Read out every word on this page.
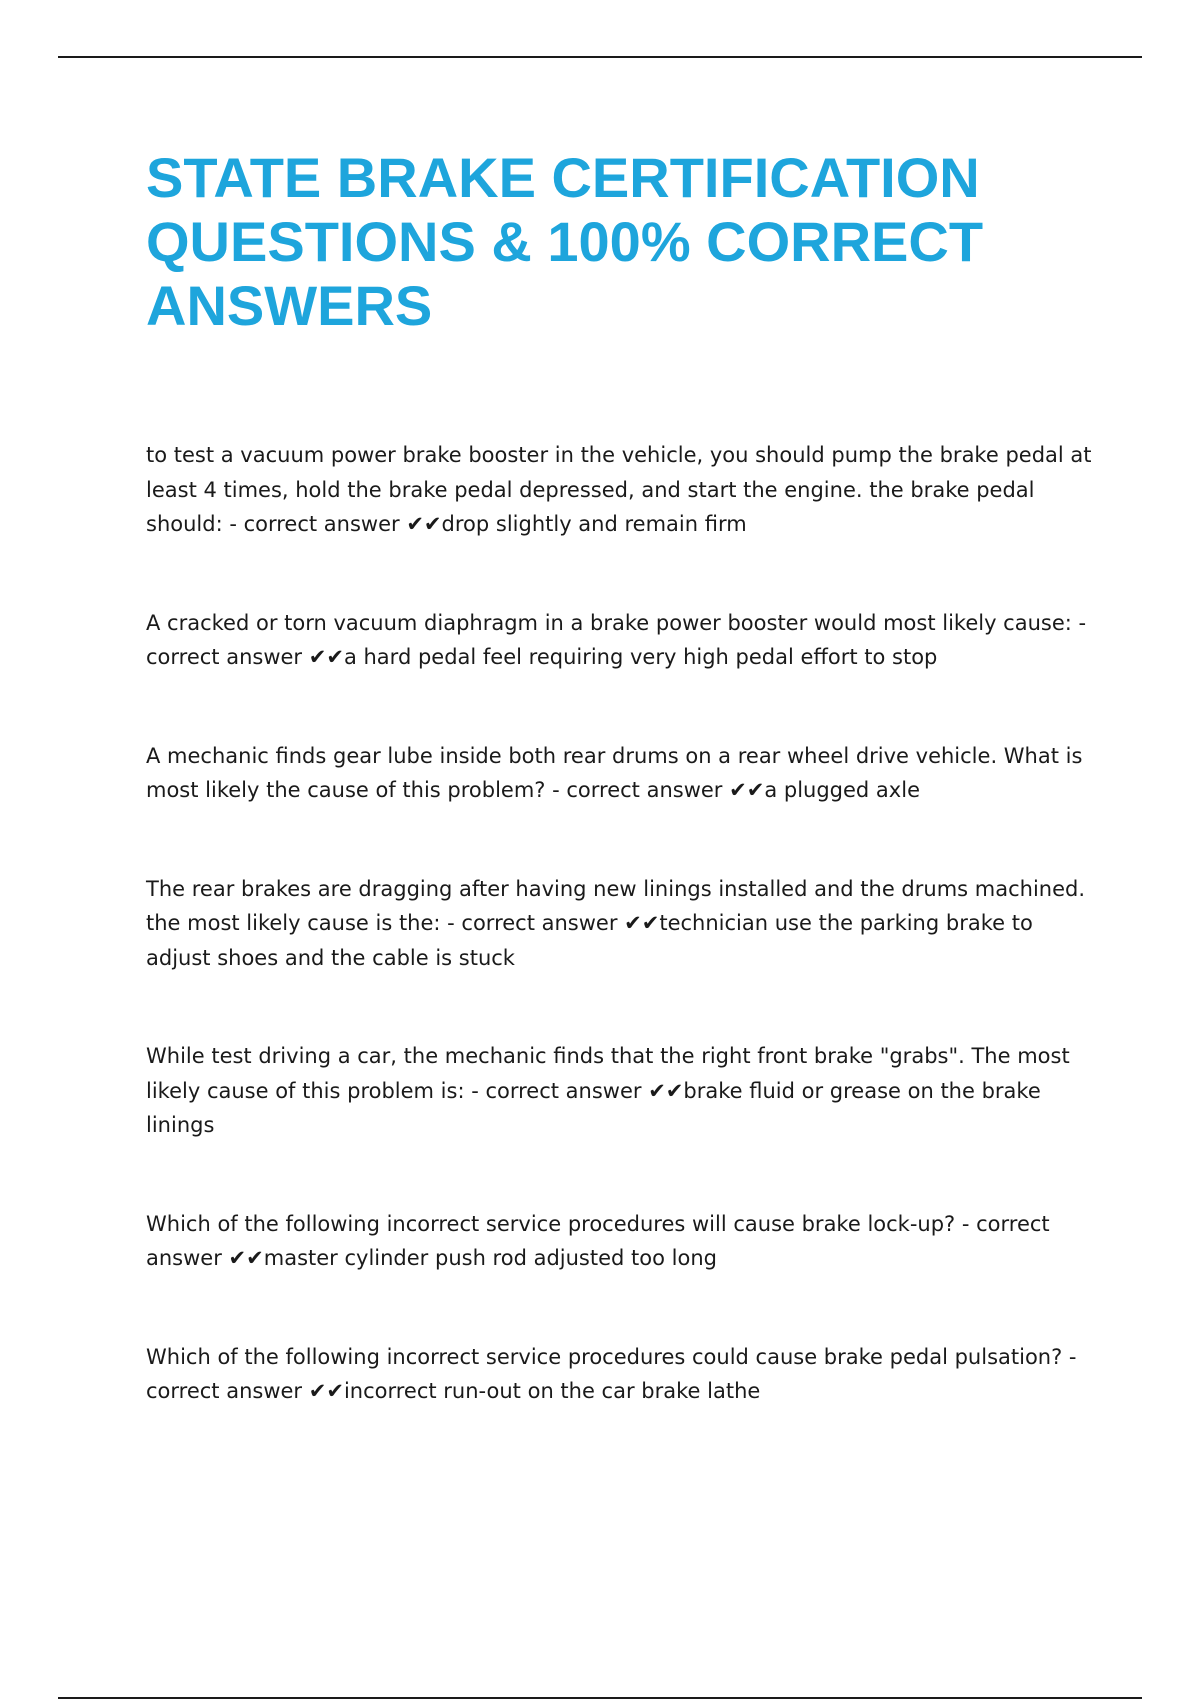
STATE BRAKE CERTIFICATION QUESTIONS & 100% CORRECT ANSWERS

to test a vacuum power brake booster in the vehicle, you should pump the brake pedal at least 4 times, hold the brake pedal depressed, and start the engine. the brake pedal should: - correct answer ✔✔drop slightly and remain firm

A cracked or torn vacuum diaphragm in a brake power booster would most likely cause: - correct answer ✔✔a hard pedal feel requiring very high pedal effort to stop

A mechanic finds gear lube inside both rear drums on a rear wheel drive vehicle. What is most likely the cause of this problem? - correct answer ✔✔a plugged axle

The rear brakes are dragging after having new linings installed and the drums machined. the most likely cause is the: - correct answer ✔✔technician use the parking brake to adjust shoes and the cable is stuck

While test driving a car, the mechanic finds that the right front brake "grabs". The most likely cause of this problem is: - correct answer ✔✔brake fluid or grease on the brake linings

Which of the following incorrect service procedures will cause brake lock-up? - correct answer ✔✔master cylinder push rod adjusted too long

Which of the following incorrect service procedures could cause brake pedal pulsation? - correct answer ✔✔incorrect run-out on the car brake lathe
